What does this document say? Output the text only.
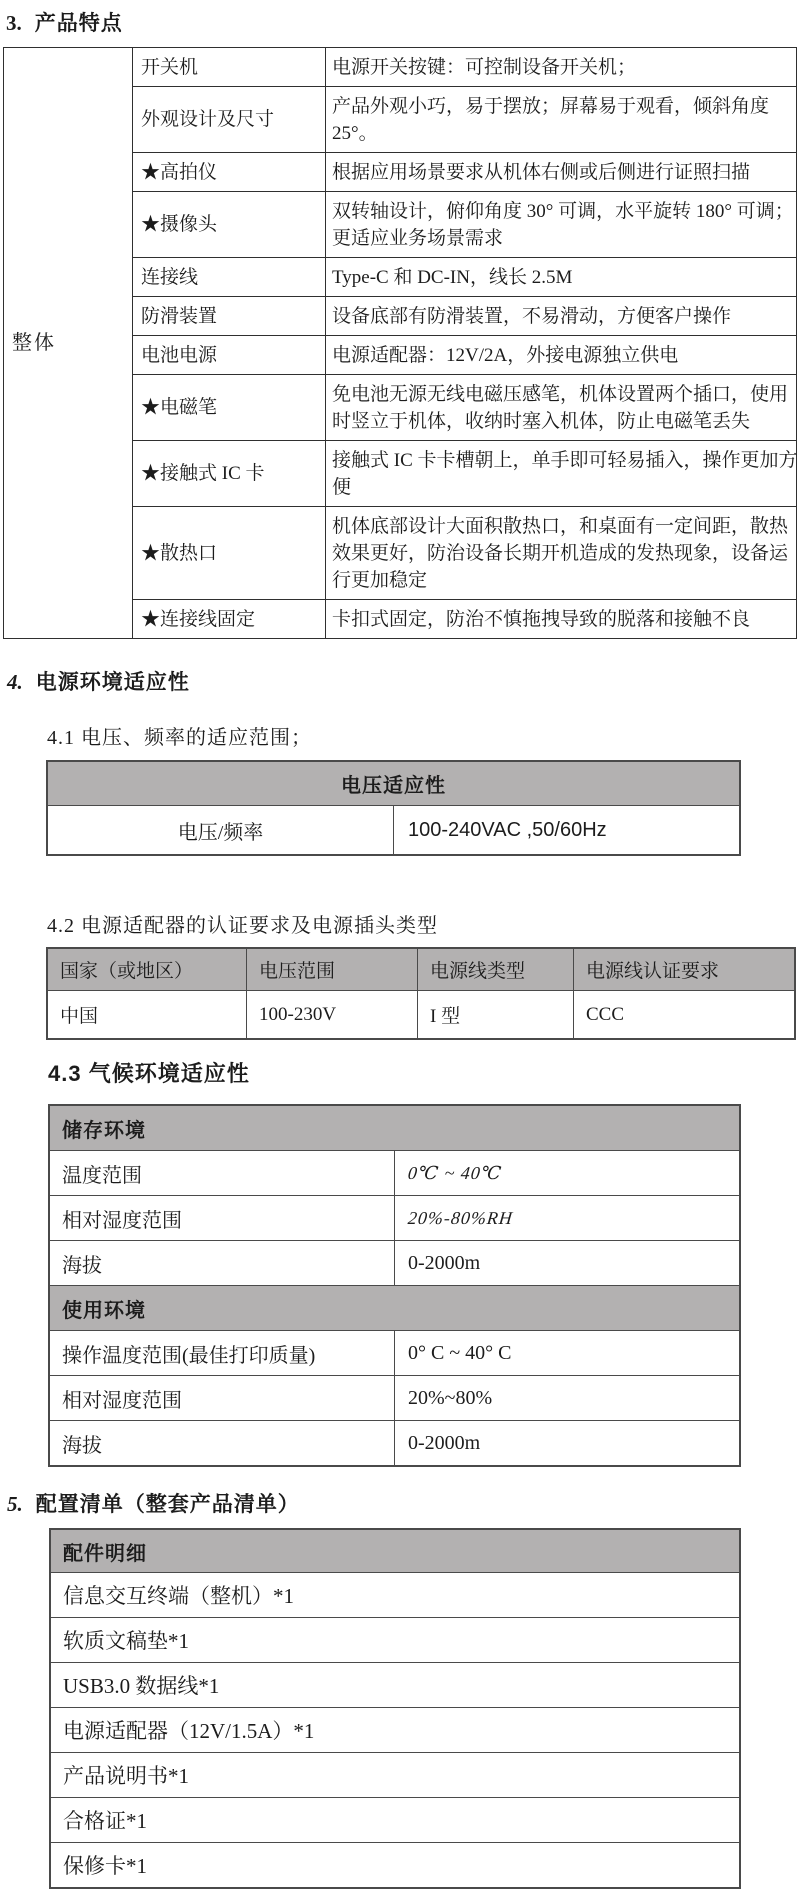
3. 产品特点
整体	开关机	电源开关按键：可控制设备开关机；

	外观设计及尺寸	产品外观小巧，易于摆放；屏幕易于观看，倾斜角度 25°。

	★高拍仪	根据应用场景要求从机体右侧或后侧进行证照扫描

	★摄像头	双转轴设计，俯仰角度 30° 可调，水平旋转 180° 可调；更适应业务场景需求

	连接线	Type-C 和 DC-IN，线长 2.5M

	防滑装置	设备底部有防滑装置，不易滑动，方便客户操作

	电池电源	电源适配器：12V/2A，外接电源独立供电

	★电磁笔	免电池无源无线电磁压感笔，机体设置两个插口，使用时竖立于机体，收纳时塞入机体，防止电磁笔丢失

	★接触式 IC 卡	接触式 IC 卡卡槽朝上，单手即可轻易插入，操作更加方便

	★散热口	机体底部设计大面积散热口，和桌面有一定间距，散热效果更好，防治设备长期开机造成的发热现象，设备运行更加稳定

	★连接线固定	卡扣式固定，防治不慎拖拽导致的脱落和接触不良
4. 电源环境适应性
4.1 电压、频率的适应范围；
电压适应性
电压/频率	100-240VAC ,50/60Hz
4.2 电源适配器的认证要求及电源插头类型
国家（或地区）	电压范围	电源线类型	电源线认证要求
中国	100-230V	I 型	CCC
4.3 气候环境适应性
储存环境	
温度范围	0℃ ~ 40℃
相对湿度范围	20%-80%RH
海拔	0-2000m
使用环境	
操作温度范围(最佳打印质量)	0° C ~ 40° C
相对湿度范围	20%~80%
海拔	0-2000m
5. 配置清单（整套产品清单）
配件明细
信息交互终端（整机）*1
软质文稿垫*1
USB3.0 数据线*1
电源适配器（12V/1.5A）*1
产品说明书*1
合格证*1
保修卡*1
